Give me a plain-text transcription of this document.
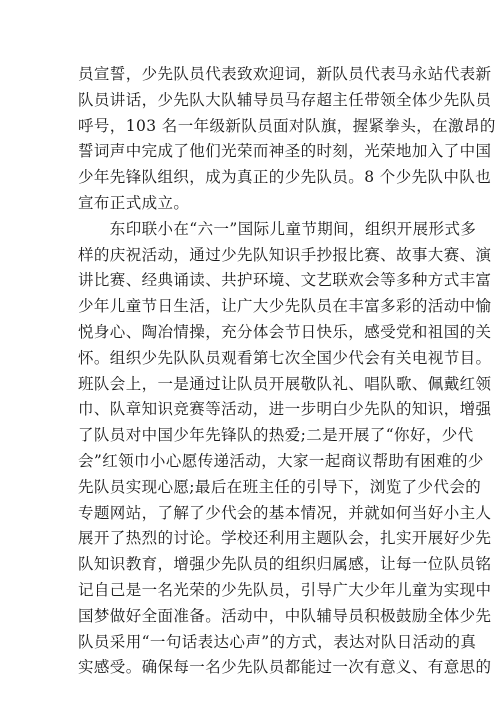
员宣誓，少先队员代表致欢迎词，新队员代表马永站代表新
队员讲话，少先队大队辅导员马存超主任带领全体少先队员
呼号，103 名一年级新队员面对队旗，握紧拳头，在激昂的
誓词声中完成了他们光荣而神圣的时刻，光荣地加入了中国
少年先锋队组织，成为真正的少先队员。8 个少先队中队也
宣布正式成立。
　　东印联小在“六一”国际儿童节期间，组织开展形式多
样的庆祝活动，通过少先队知识手抄报比赛、故事大赛、演
讲比赛、经典诵读、共护环境、文艺联欢会等多种方式丰富
少年儿童节日生活，让广大少先队员在丰富多彩的活动中愉
悦身心、陶冶情操，充分体会节日快乐，感受党和祖国的关
怀。组织少先队队员观看第七次全国少代会有关电视节目。
班队会上，一是通过让队员开展敬队礼、唱队歌、佩戴红领
巾、队章知识竞赛等活动，进一步明白少先队的知识，增强
了队员对中国少年先锋队的热爱;二是开展了“你好，少代
会”红领巾小心愿传递活动，大家一起商议帮助有困难的少
先队员实现心愿;最后在班主任的引导下，浏览了少代会的
专题网站，了解了少代会的基本情况，并就如何当好小主人
展开了热烈的讨论。学校还利用主题队会，扎实开展好少先
队知识教育，增强少先队员的组织归属感，让每一位队员铭
记自己是一名光荣的少先队员，引导广大少年儿童为实现中
国梦做好全面准备。活动中，中队辅导员积极鼓励全体少先
队员采用“一句话表达心声”的方式，表达对队日活动的真
实感受。确保每一名少先队员都能过一次有意义、有意思的
